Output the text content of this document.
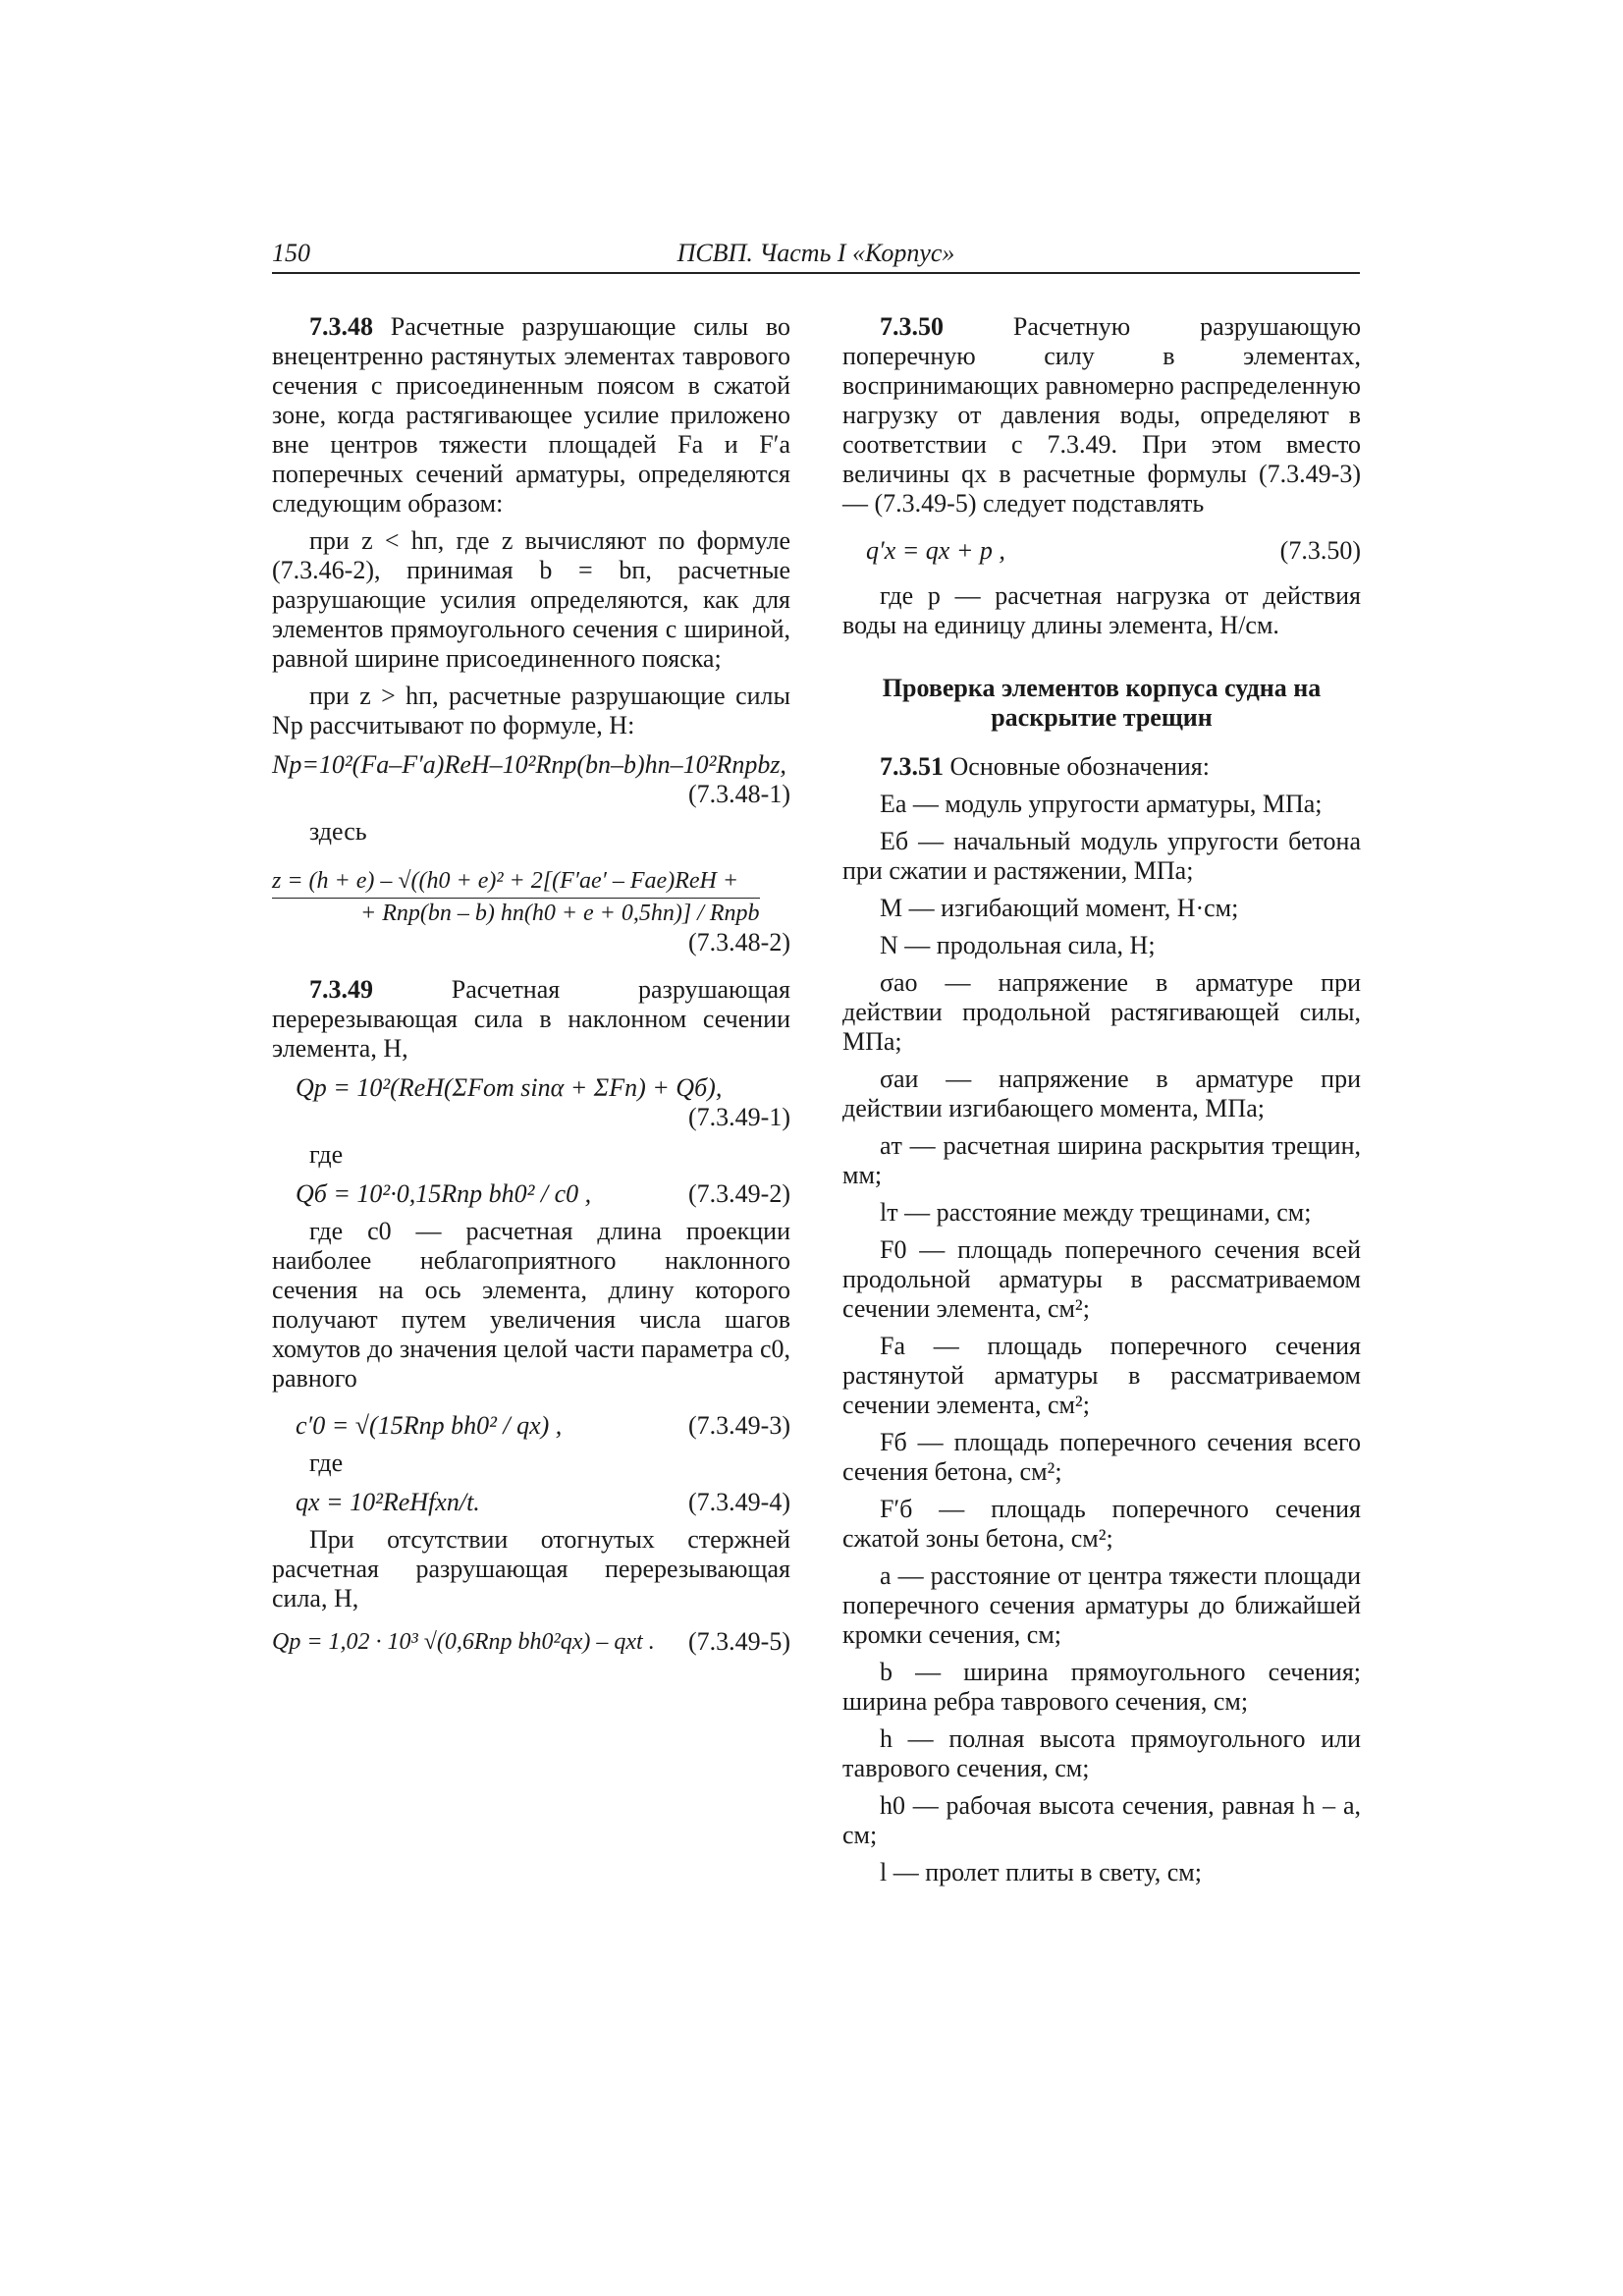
150	ПСВП. Часть I «Корпус»

7.3.48 Расчетные разрушающие силы во внецентренно растянутых элементах таврового сечения с присоединенным поясом в сжатой зоне, когда растягивающее усилие приложено вне центров тяжести площадей Fа и F′а поперечных сечений арматуры, определяются следующим образом:

при z < hп, где z вычисляют по формуле (7.3.46-2), принимая b = bп, расчетные разрушающие усилия определяются, как для элементов прямоугольного сечения с шириной, равной ширине присоединенного пояска;

при z > hп, расчетные разрушающие силы Nр рассчитывают по формуле, Н:

Nр=10²(Fа–F′а)RеН–10²Rпр(bп–b)hп–10²Rпрbz,
(7.3.48-1)

здесь

z = (h + e) – √((h0 + e)² + 2[(F′аe′ – Fаe)RеН +
+ Rпр(bп – b) hп(h0 + e + 0,5hп)] / Rпрb
(7.3.48-2)

7.3.49 Расчетная разрушающая перерезывающая сила в наклонном сечении элемента, Н,

Qр = 10²(RеН(ΣFот sinα + ΣFп) + Qб),
(7.3.49-1)

где

Qб = 10²·0,15Rпр bh0² / c0 ,	(7.3.49-2)

где c0 — расчетная длина проекции наиболее неблагоприятного наклонного сечения на ось элемента, длину которого получают путем увеличения числа шагов хомутов до значения целой части параметра c0, равного

c′0 = √(15Rпр bh0² / qх) ,	(7.3.49-3)

где

qх = 10²RеНfхn/t.	(7.3.49-4)

При отсутствии отогнутых стержней расчетная разрушающая перерезывающая сила, Н,

Qр = 1,02 · 10³ √(0,6Rпр bh0²qх) – qхt .	(7.3.49-5)

7.3.50 Расчетную разрушающую поперечную силу в элементах, воспринимающих равномерно распределенную нагрузку от давления воды, определяют в соответствии с 7.3.49. При этом вместо величины qх в расчетные формулы (7.3.49-3) — (7.3.49-5) следует подставлять

q′х = qх + p ,	(7.3.50)

где p — расчетная нагрузка от действия воды на единицу длины элемента, Н/см.

Проверка элементов корпуса судна на раскрытие трещин

7.3.51 Основные обозначения:

Eа — модуль упругости арматуры, МПа;

Eб — начальный модуль упругости бетона при сжатии и растяжении, МПа;

M — изгибающий момент, Н·см;

N — продольная сила, Н;

σао — напряжение в арматуре при действии продольной растягивающей силы, МПа;

σаи — напряжение в арматуре при действии изгибающего момента, МПа;

aт — расчетная ширина раскрытия трещин, мм;

lт — расстояние между трещинами, см;

F0 — площадь поперечного сечения всей продольной арматуры в рассматриваемом сечении элемента, см²;

Fа — площадь поперечного сечения растянутой арматуры в рассматриваемом сечении элемента, см²;

Fб — площадь поперечного сечения всего сечения бетона, см²;

F′б — площадь поперечного сечения сжатой зоны бетона, см²;

a — расстояние от центра тяжести площади поперечного сечения арматуры до ближайшей кромки сечения, см;

b — ширина прямоугольного сечения; ширина ребра таврового сечения, см;

h — полная высота прямоугольного или таврового сечения, см;

h0 — рабочая высота сечения, равная h – a, см;

l — пролет плиты в свету, см;
